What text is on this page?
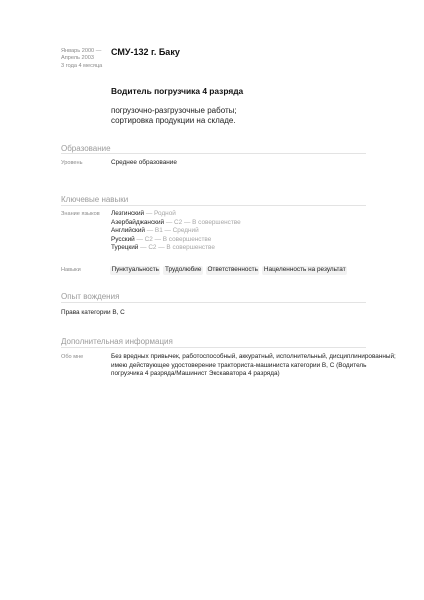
Январь 2000 —
Апрель 2003
3 года 4 месяца
СМУ-132 г. Баку
Водитель погрузчика 4 разряда
погрузочно-разгрузочные работы;
сортировка продукции на складе.
Образование
Уровень	Среднее образование
Ключевые навыки
Знание языков Лезгинский — Родной
Азербайджанский — C2 — В совершенстве
Английский — B1 — Средний
Русский — C2 — В совершенстве
Турецкий — C2 — В совершенстве
Навыки	Пунктуальность Трудолюбие Ответственность Нацеленность на результат
Опыт вождения
Права категории B, C
Дополнительная информация
Обо мне	Без вредных привычек, работоспособный, аккуратный, исполнительный, дисциплинированный;
имею действующее удостоверение тракториста-машиниста категории В, С (Водитель
погрузчика 4 разряда/Машинист Экскаватора 4 разряда)
